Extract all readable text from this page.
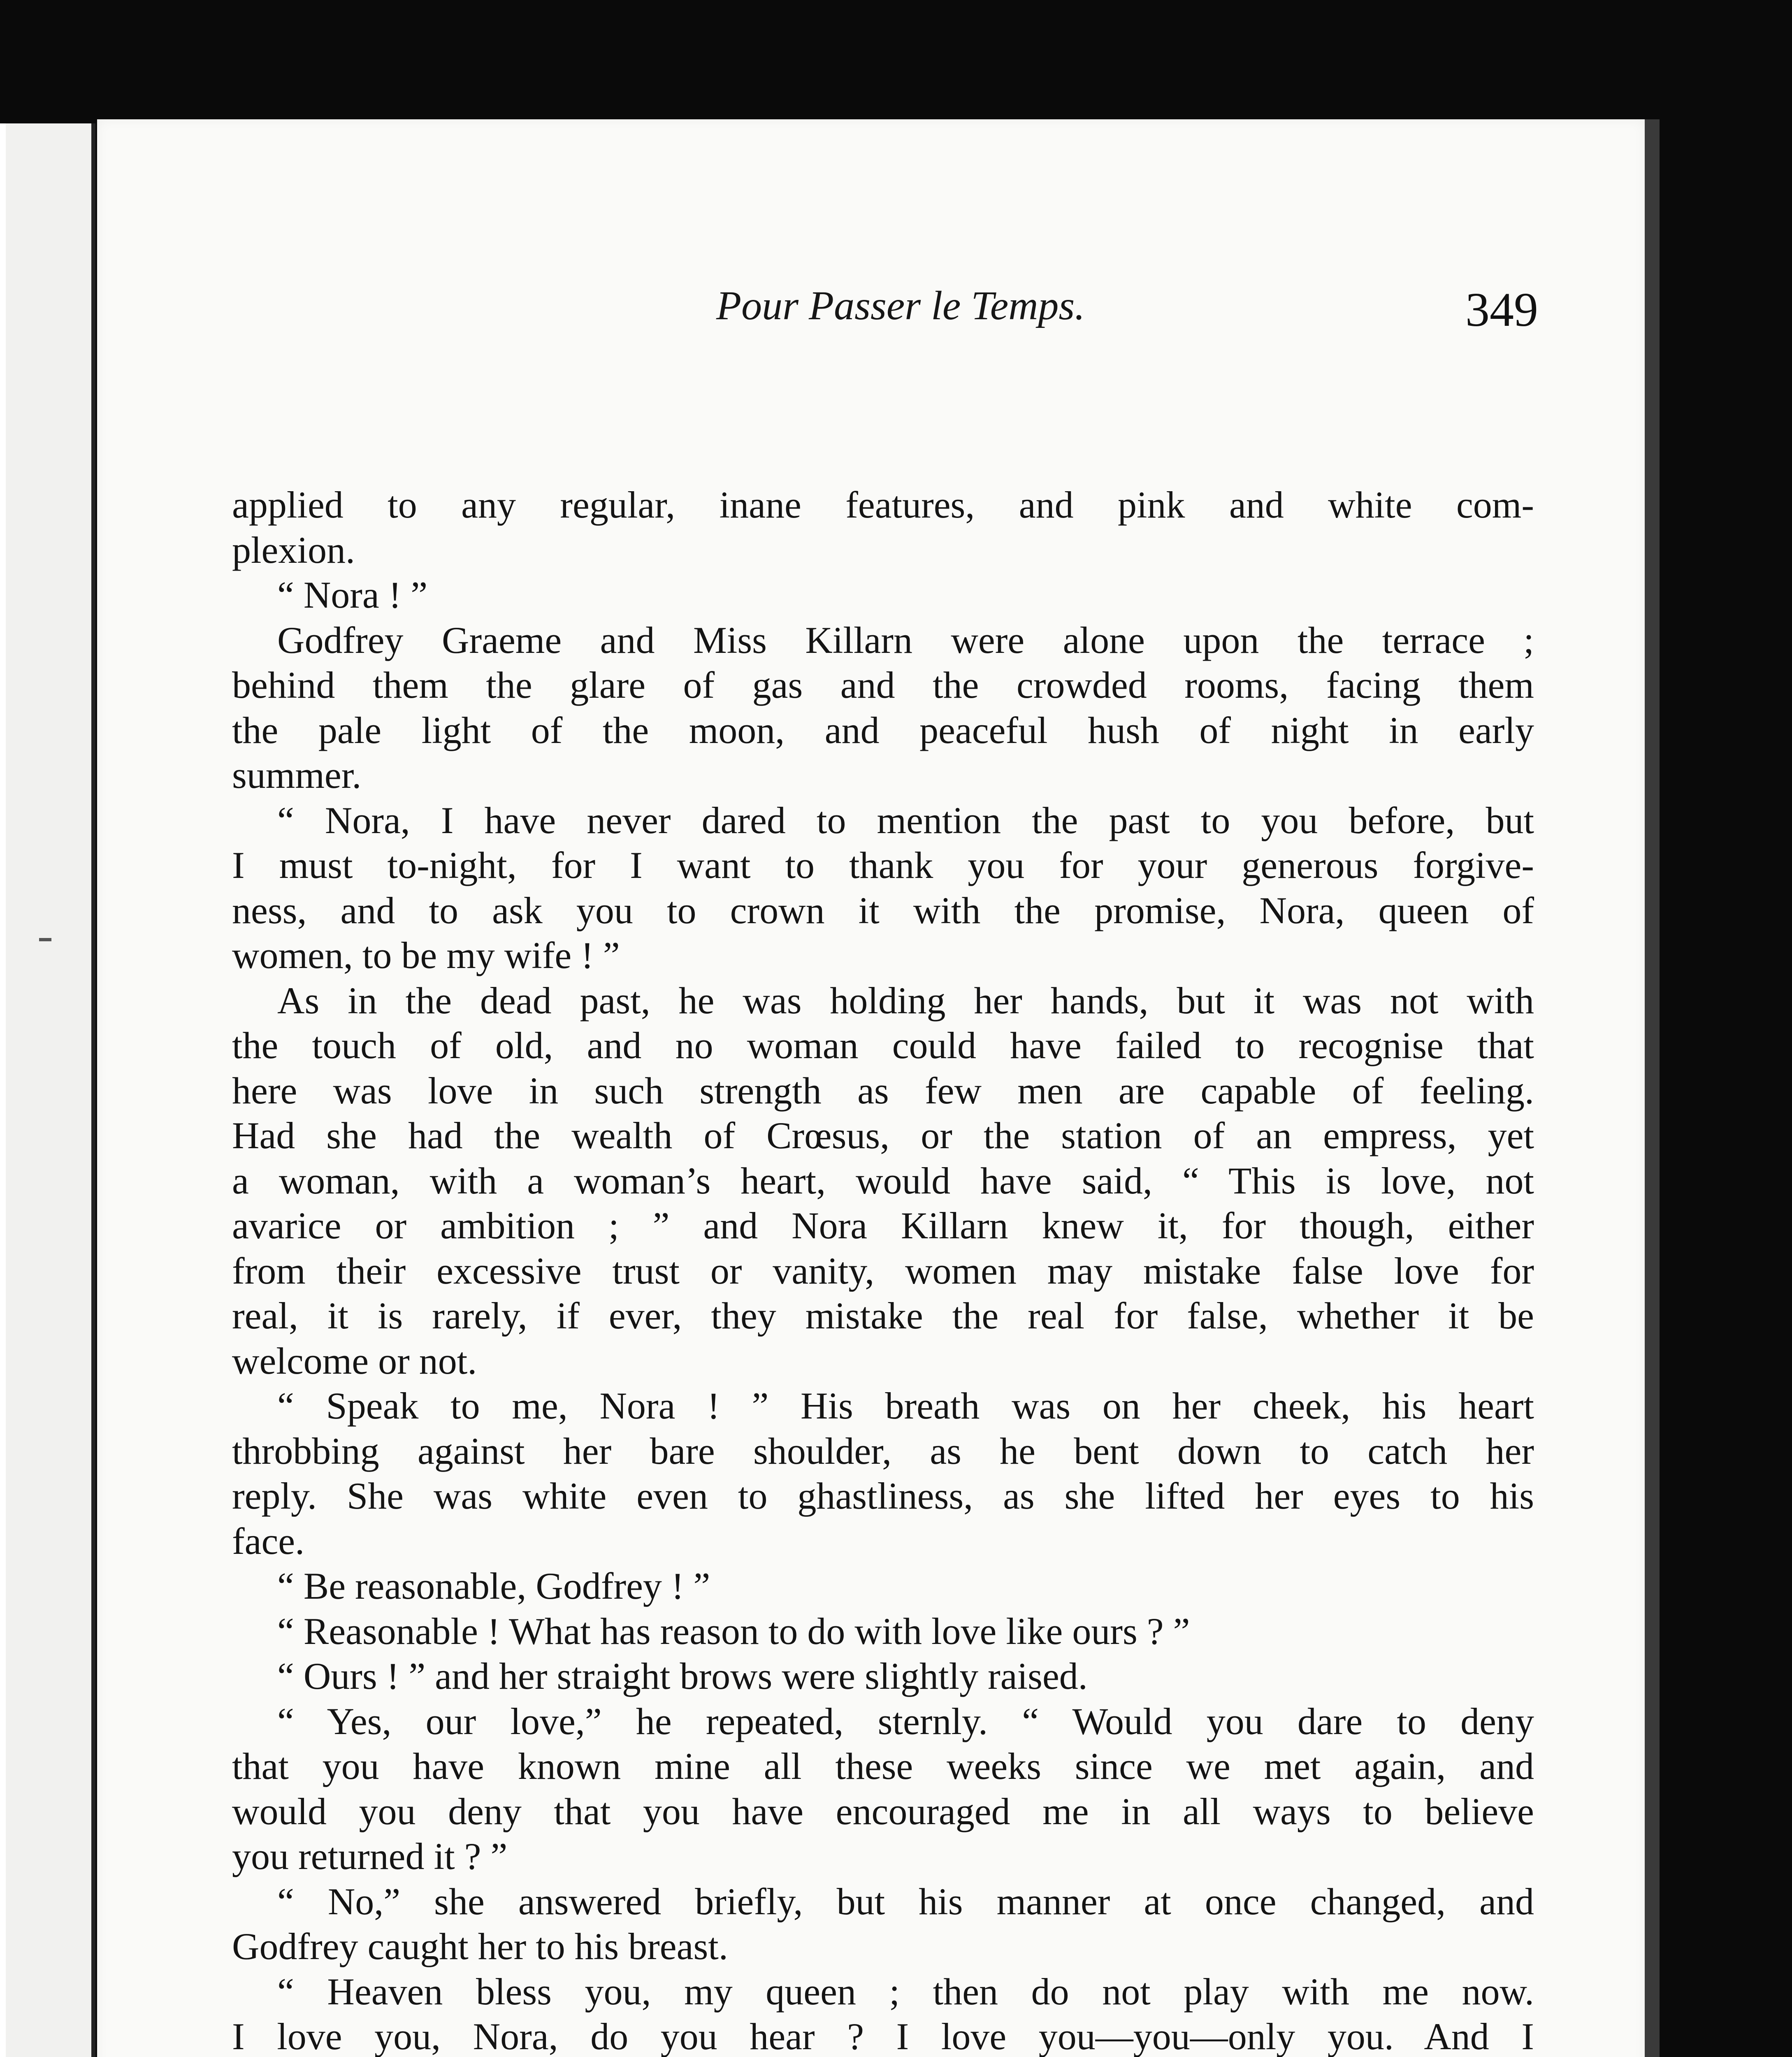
Pour Passer le Temps.	349
applied to any regular, inane features, and pink and white com-
plexion.
“ Nora ! ”
Godfrey Graeme and Miss Killarn were alone upon the terrace ;
behind them the glare of gas and the crowded rooms, facing them
the pale light of the moon, and peaceful hush of night in early
summer.
“ Nora, I have never dared to mention the past to you before, but
I must to-night, for I want to thank you for your generous forgive-
ness, and to ask you to crown it with the promise, Nora, queen of
women, to be my wife ! ”
As in the dead past, he was holding her hands, but it was not with
the touch of old, and no woman could have failed to recognise that
here was love in such strength as few men are capable of feeling.
Had she had the wealth of Crœsus, or the station of an empress, yet
a woman, with a woman’s heart, would have said, “ This is love, not
avarice or ambition ; ” and Nora Killarn knew it, for though, either
from their excessive trust or vanity, women may mistake false love for
real, it is rarely, if ever, they mistake the real for false, whether it be
welcome or not.
“ Speak to me, Nora ! ” His breath was on her cheek, his heart
throbbing against her bare shoulder, as he bent down to catch her
reply. She was white even to ghastliness, as she lifted her eyes to his
face.
“ Be reasonable, Godfrey ! ”
“ Reasonable ! What has reason to do with love like ours ? ”
“ Ours ! ” and her straight brows were slightly raised.
“ Yes, our love,” he repeated, sternly. “ Would you dare to deny
that you have known mine all these weeks since we met again, and
would you deny that you have encouraged me in all ways to believe
you returned it ? ”
“ No,” she answered briefly, but his manner at once changed, and
Godfrey caught her to his breast.
“ Heaven bless you, my queen ; then do not play with me now.
I love you, Nora, do you hear ? I love you—you—only you. And I
